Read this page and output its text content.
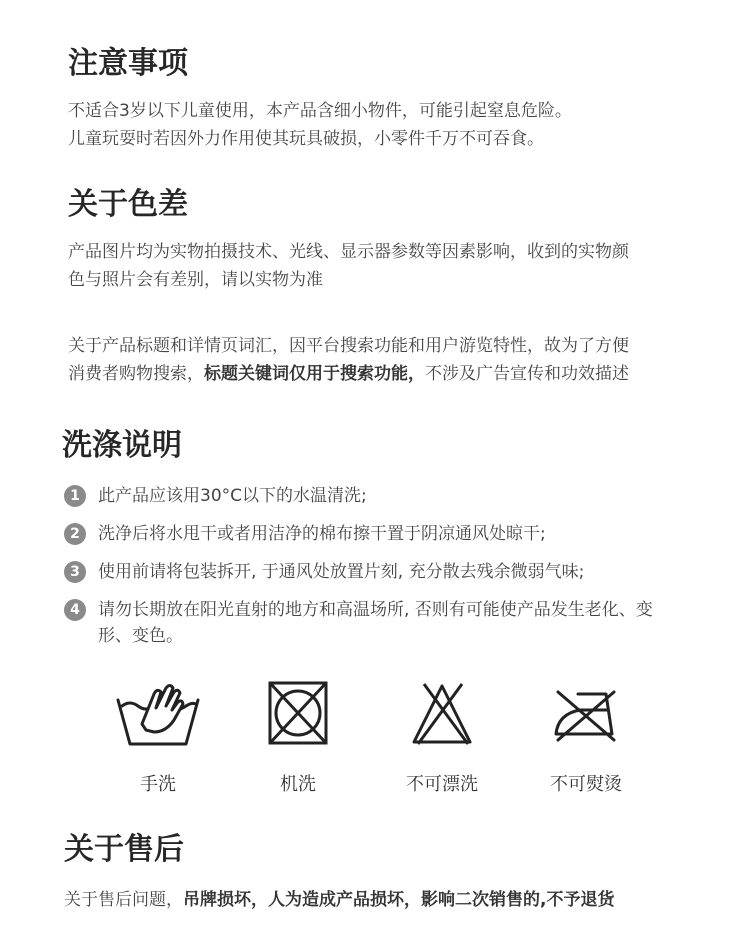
注意事项

不适合3岁以下儿童使用，本产品含细小物件，可能引起窒息危险。

儿童玩耍时若因外力作用使其玩具破损，小零件千万不可吞食。

关于色差

产品图片均为实物拍摄技术、光线、显示器参数等因素影响，收到的实物颜

色与照片会有差别，请以实物为准

关于产品标题和详情页词汇，因平台搜索功能和用户游览特性，故为了方便

消费者购物搜索，标题关键词仅用于搜索功能，不涉及广告宣传和功效描述

洗涤说明
1	此产品应该用30°C以下的水温清洗;
2	洗净后将水甩干或者用洁净的棉布擦干置于阴凉通风处晾干;
3	使用前请将包装拆开, 于通风处放置片刻, 充分散去残余微弱气味;
4	请勿长期放在阳光直射的地方和高温场所, 否则有可能使产品发生老化、变形、变色。
手洗	机洗	不可漂洗	不可熨烫
关于售后

关于售后问题，吊牌损坏，人为造成产品损坏，影响二次销售的,不予退货
